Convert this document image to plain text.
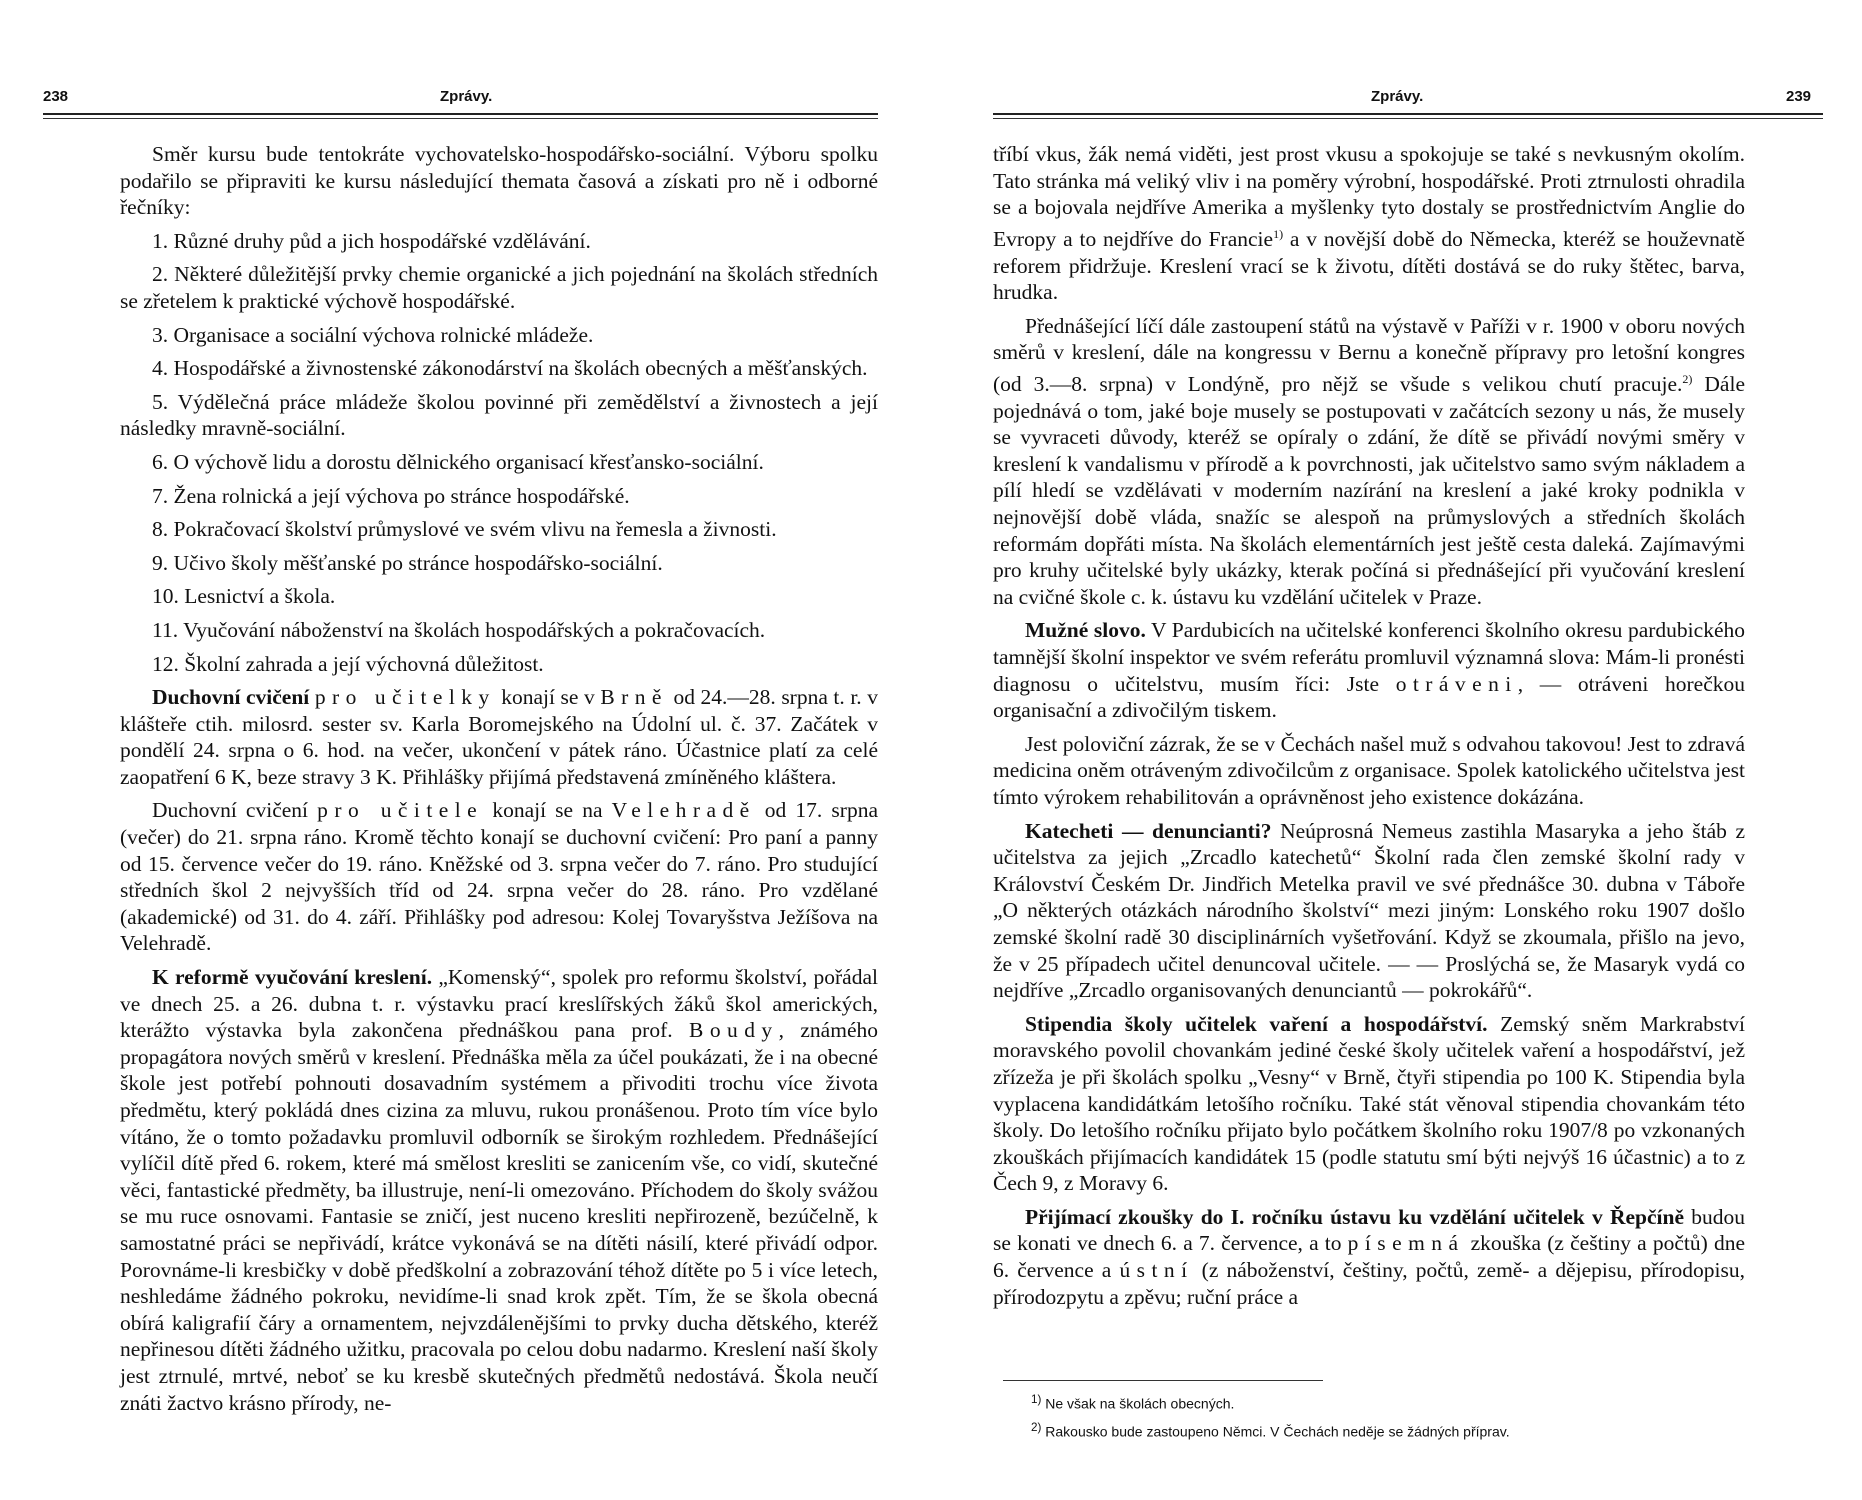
238	Zprávy.

Směr kursu bude tentokráte vychovatelsko-hospodářsko-sociální. Výboru spolku podařilo se připraviti ke kursu následující themata časová a získati pro ně i odborné řečníky:

1. Různé druhy půd a jich hospodářské vzdělávání.

2. Některé důležitější prvky chemie organické a jich pojednání na školách středních se zřetelem k praktické výchově hospodářské.

3. Organisace a sociální výchova rolnické mládeže.

4. Hospodářské a živnostenské zákonodárství na školách obecných a měšťanských.

5. Výdělečná práce mládeže školou povinné při zemědělství a živnostech a její následky mravně-sociální.

6. O výchově lidu a dorostu dělnického organisací křesťansko-sociální.

7. Žena rolnická a její výchova po stránce hospodářské.

8. Pokračovací školství průmyslové ve svém vlivu na řemesla a živnosti.

9. Učivo školy měšťanské po stránce hospodářsko-sociální.

10. Lesnictví a škola.

11. Vyučování náboženství na školách hospodářských a pokračovacích.

12. Školní zahrada a její výchovná důležitost.

Duchovní cvičení pro učitelky konají se v Brně od 24.—28. srpna t. r. v klášteře ctih. milosrd. sester sv. Karla Boromejského na Údolní ul. č. 37. Začátek v pondělí 24. srpna o 6. hod. na večer, ukončení v pátek ráno. Účastnice platí za celé zaopatření 6 K, beze stravy 3 K. Přihlášky přijímá představená zmíněného kláštera.

Duchovní cvičení pro učitele konají se na Velehradě od 17. srpna (večer) do 21. srpna ráno. Kromě těchto konají se duchovní cvičení: Pro paní a panny od 15. července večer do 19. ráno. Kněžské od 3. srpna večer do 7. ráno. Pro studující středních škol 2 nejvyšších tříd od 24. srpna večer do 28. ráno. Pro vzdělané (akademické) od 31. do 4. září. Přihlášky pod adresou: Kolej Tovaryšstva Ježíšova na Velehradě.

K reformě vyučování kreslení. „Komenský“, spolek pro reformu školství, pořádal ve dnech 25. a 26. dubna t. r. výstavku prací kreslířských žáků škol amerických, kterážto výstavka byla zakončena přednáškou pana prof. Boudy, známého propagátora nových směrů v kreslení. Přednáška měla za účel poukázati, že i na obecné škole jest potřebí pohnouti dosavadním systémem a přivoditi trochu více života předmětu, který pokládá dnes cizina za mluvu, rukou pronášenou. Proto tím více bylo vítáno, že o tomto požadavku promluvil odborník se širokým rozhledem. Přednášející vylíčil dítě před 6. rokem, které má smělost kresliti se zanicením vše, co vidí, skutečné věci, fantastické předměty, ba illustruje, není-li omezováno. Příchodem do školy svážou se mu ruce osnovami. Fantasie se zničí, jest nuceno kresliti nepřirozeně, bezúčelně, k samostatné práci se nepřivádí, krátce vykonává se na dítěti násilí, které přivádí odpor. Porovnáme-li kresbičky v době předškolní a zobrazování téhož dítěte po 5 i více letech, neshledáme žádného pokroku, nevidíme-li snad krok zpět. Tím, že se škola obecná obírá kaligrafií čáry a ornamentem, nejvzdálenějšími to prvky ducha dětského, kteréž nepřinesou dítěti žádného užitku, pracovala po celou dobu nadarmo. Kreslení naší školy jest ztrnulé, mrtvé, neboť se ku kresbě skutečných předmětů nedostává. Škola neučí znáti žactvo krásno přírody, ne-

Zprávy.	239

tříbí vkus, žák nemá viděti, jest prost vkusu a spokojuje se také s nevkusným okolím. Tato stránka má veliký vliv i na poměry výrobní, hospodářské. Proti ztrnulosti ohradila se a bojovala nejdříve Amerika a myšlenky tyto dostaly se prostřednictvím Anglie do Evropy a to nejdříve do Francie$^{1)}$ a v novější době do Německa, kteréž se houževnatě reforem přidržuje. Kreslení vrací se k životu, dítěti dostává se do ruky štětec, barva, hrudka.

Přednášející líčí dále zastoupení států na výstavě v Paříži v r. 1900 v oboru nových směrů v kreslení, dále na kongressu v Bernu a konečně přípravy pro letošní kongres (od 3.—8. srpna) v Londýně, pro nějž se všude s velikou chutí pracuje.$^{2)}$ Dále pojednává o tom, jaké boje musely se postupovati v začátcích sezony u nás, že musely se vyvraceti důvody, kteréž se opíraly o zdání, že dítě se přivádí novými směry v kreslení k vandalismu v přírodě a k povrchnosti, jak učitelstvo samo svým nákladem a pílí hledí se vzdělávati v moderním nazírání na kreslení a jaké kroky podnikla v nejnovější době vláda, snažíc se alespoň na průmyslových a středních školách reformám dopřáti místa. Na školách elementárních jest ještě cesta daleká. Zajímavými pro kruhy učitelské byly ukázky, kterak počíná si přednášející při vyučování kreslení na cvičné škole c. k. ústavu ku vzdělání učitelek v Praze.

Mužné slovo. V Pardubicích na učitelské konferenci školního okresu pardubického tamnější školní inspektor ve svém referátu promluvil významná slova: Mám-li pronésti diagnosu o učitelstvu, musím říci: Jste otráveni, — otráveni horečkou organisační a zdivočilým tiskem.

Jest poloviční zázrak, že se v Čechách našel muž s odvahou takovou! Jest to zdravá medicina oněm otráveným zdivočilcům z organisace. Spolek katolického učitelstva jest tímto výrokem rehabilitován a oprávněnost jeho existence dokázána.

Katecheti — denuncianti? Neúprosná Nemeus zastihla Masaryka a jeho štáb z učitelstva za jejich „Zrcadlo katechetů“ Školní rada člen zemské školní rady v Království Českém Dr. Jindřich Metelka pravil ve své přednášce 30. dubna v Táboře „O některých otázkách národního školství“ mezi jiným: Lonského roku 1907 došlo zemské školní radě 30 disciplinárních vyšetřování. Když se zkoumala, přišlo na jevo, že v 25 případech učitel denuncoval učitele. — — Proslýchá se, že Masaryk vydá co nejdříve „Zrcadlo organisovaných denunciantů — pokrokářů“.

Stipendia školy učitelek vaření a hospodářství. Zemský sněm Markrabství moravského povolil chovankám jediné české školy učitelek vaření a hospodářství, jež zřízeža je při školách spolku „Vesny“ v Brně, čtyři stipendia po 100 K. Stipendia byla vyplacena kandidátkám letošího ročníku. Také stát věnoval stipendia chovankám této školy. Do letošího ročníku přijato bylo počátkem školního roku 1907/8 po vzkonaných zkouškách přijímacích kandidátek 15 (podle statutu smí býti nejvýš 16 účastnic) a to z Čech 9, z Moravy 6.

Přijímací zkoušky do I. ročníku ústavu ku vzdělání učitelek v Řepčíně budou se konati ve dnech 6. a 7. července, a to písemná zkouška (z češtiny a počtů) dne 6. července a ústní (z náboženství, češtiny, počtů, země- a dějepisu, přírodopisu, přírodozpytu a zpěvu; ruční práce a

$^{1)}$ Ne však na školách obecných.
$^{2)}$ Rakousko bude zastoupeno Němci. V Čechách neděje se žádných příprav.
